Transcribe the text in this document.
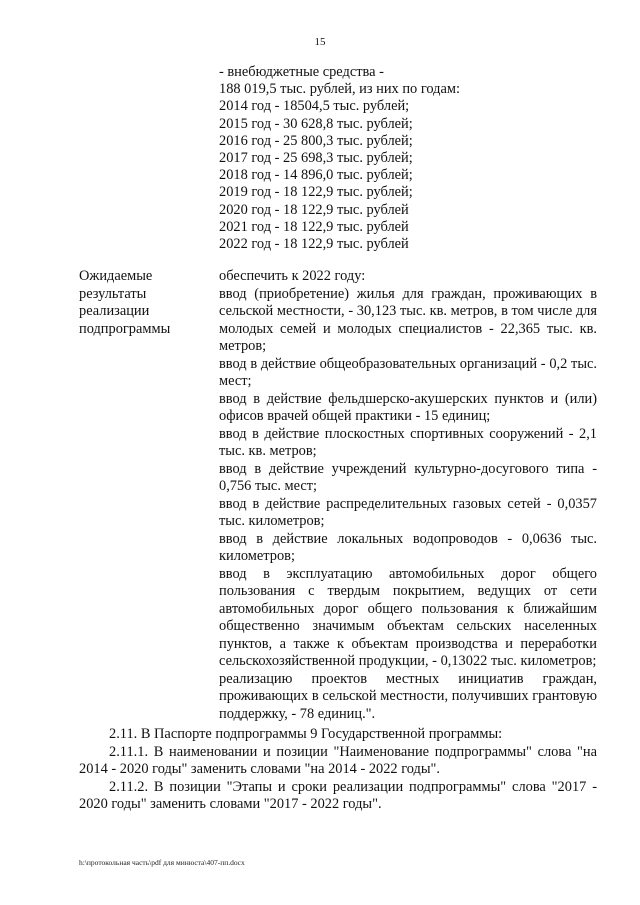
15
- внебюджетные средства -
188 019,5 тыс. рублей, из них по годам:
2014 год - 18504,5 тыс. рублей;
2015 год - 30 628,8 тыс. рублей;
2016 год - 25 800,3 тыс. рублей;
2017 год - 25 698,3 тыс. рублей;
2018 год - 14 896,0 тыс. рублей;
2019 год - 18 122,9 тыс. рублей;
2020 год - 18 122,9 тыс. рублей
2021 год - 18 122,9 тыс. рублей
2022 год - 18 122,9 тыс. рублей
Ожидаемые
результаты
реализации
подпрограммы

обеспечить к 2022 году:

ввод (приобретение) жилья для граждан, проживающих в сельской местности, - 30,123 тыс. кв. метров, в том числе для молодых семей и молодых специалистов - 22,365 тыс. кв. метров;

ввод в действие общеобразовательных организаций - 0,2 тыс. мест;

ввод в действие фельдшерско-акушерских пунктов и (или) офисов врачей общей практики - 15 единиц;

ввод в действие плоскостных спортивных сооружений - 2,1 тыс. кв. метров;

ввод в действие учреждений культурно-досугового типа - 0,756 тыс. мест;

ввод в действие распределительных газовых сетей - 0,0357 тыс. километров;

ввод в действие локальных водопроводов - 0,0636 тыс. километров;

ввод в эксплуатацию автомобильных дорог общего пользования с твердым покрытием, ведущих от сети автомобильных дорог общего пользования к ближайшим общественно значимым объектам сельских населенных пунктов, а также к объектам производства и переработки сельскохозяйственной продукции, - 0,13022 тыс. километров;

реализацию проектов местных инициатив граждан, проживающих в сельской местности, получивших грантовую поддержку, - 78 единиц.".

2.11. В Паспорте подпрограммы 9 Государственной программы:

2.11.1. В наименовании и позиции "Наименование подпрограммы" слова "на 2014 - 2020 годы" заменить словами "на 2014 - 2022 годы".

2.11.2. В позиции "Этапы и сроки реализации подпрограммы" слова "2017 - 2020 годы" заменить словами "2017 - 2022 годы".

h:\протокольная часть\pdf для минюста\407-пп.docx
